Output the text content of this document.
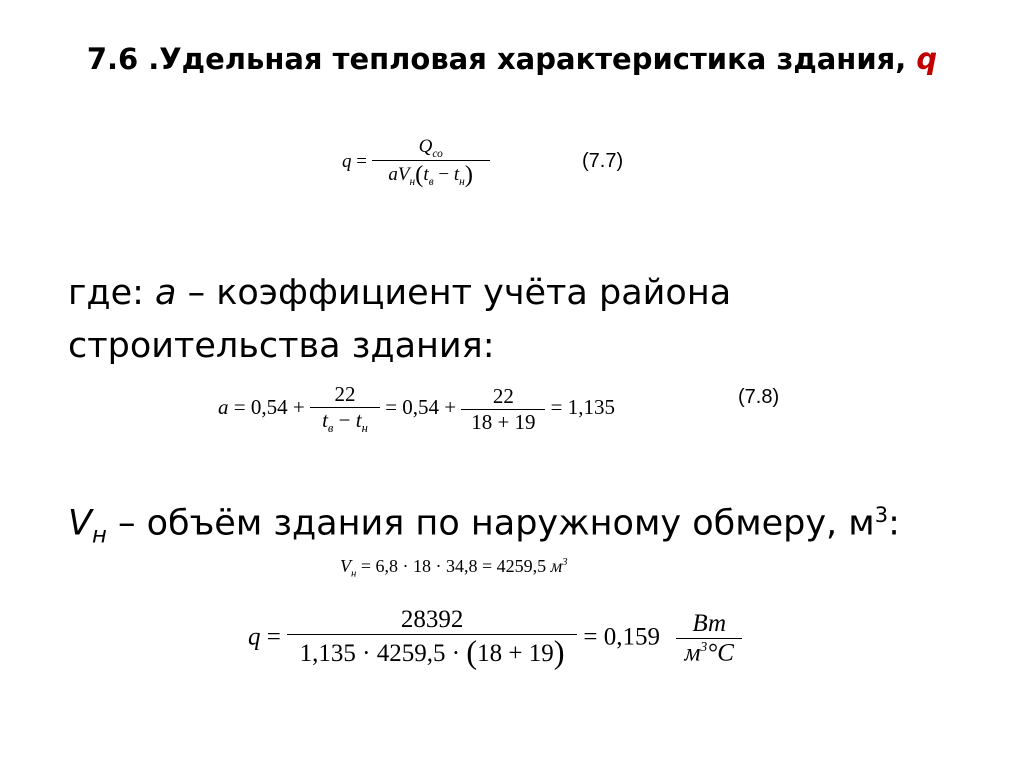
7.6 .Удельная тепловая характеристика здания, q
$q = \frac{Q_{со}}{aV_н(t_в - t_н)}$	(7.7)
где: a – коэффициент учёта района
строительства здания:
$a = 0,54 + \frac{22}{t_в - t_н} = 0,54 + \frac{22}{18 + 19} = 1,135$	(7.8)
$V_н$ – объём здания по наружному обмеру, $м^3$:
$V_н = 6,8 \cdot 18 \cdot 34,8 = 4259,5$ $м^3$
$q = \frac{28392}{1,135 \cdot 4259,5 \cdot (18 + 19)} = 0,159 \frac{Вт}{м^3^\circ C}$
